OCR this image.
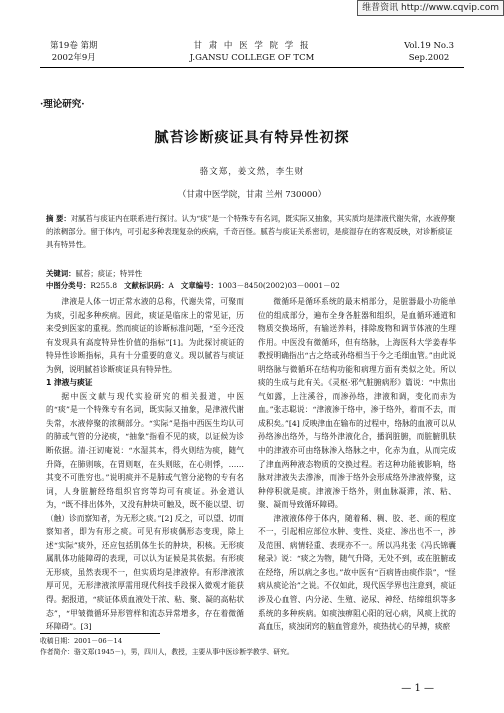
维普资讯 http://www.cqvip.com
第19卷 第期
2002年9月
甘 肃 中 医 学 院 学 报
J.GANSU COLLEGE OF TCM
Vol.19 No.3
Sep.2002
·理论研究·
腻苔诊断痰证具有特异性初探
骆文郑，姜文然，李生财
（甘肃中医学院，甘肃 兰州 730000）
摘 要：对腻苔与痰证内在联系进行探讨。认为“痰”是一个特殊专有名词，既实际又抽象，其实质均是津液代谢失常，水液停聚的浓稠部分。留于体内，可引起多种表现复杂的疾病，千奇百怪。腻苔与痰证关系密切，是痰湿存在的客观反映，对诊断痰证具有特异性。
关键词：腻苔；痰证；特异性
中图分类号：R255.8 文献标识码：A 文章编号：1003－8450(2002)03－0001－02

津液是人体一切正常水液的总称，代谢失常，可聚而为痰，引起多种疾病。因此，痰证是临床上的常见证，历来受到医家的重视。然而痰证的诊断标准问题，“至今还没有发现具有高度特异性价值的指标”[1]。为此探讨痰证的特异性诊断指标，具有十分重要的意义。现以腻苔与痰证为例，说明腻苔诊断痰证具有特异性。

1 津液与痰证

据中医文献与现代实验研究的相关报道，中医的“痰”是一个特殊专有名词，既实际又抽象，是津液代谢失常，水液停聚的浓稠部分。“实际”是指中西医生均认可的肺或气管的分泌痰，“抽象”指看不见的痰，以证候为诊断依据。清·汪讱庵说：“水湿其本，得火则结为痰，随气升降，在肺则咳，在胃则呕，在头则眩，在心则悸，……其变不可胜穷也。”说明痰并不是肺或气管分泌物的专有名词，人身脏腑经络组织官窍等均可有痰证。孙金道认为，“既不排出体外，又没有肿块可触及，既不能以望、切（触）诊而察知者，为无形之痰。”[2] 反之，可以望、切而察知者，即为有形之痰。可见有形痰偶形态变现，除上述“实际”痰外，还应包括肌体生长的肿块，积核。无形痰属肌体功能障碍的表现，可以认为证候是其依据。有形痰无形痰，虽然表现不一，但实质均是津液停。有形津液浓厚可见，无形津液浓厚需用现代科技手段探入微观才能获得。据报道，“痰证体质血液处于浓、粘、聚、凝的高粘状态”，“甲皱微循环异形管样和流态异常增多，存在着微循环障碍”。[3]

微循环是循环系统的最末梢部分，是脏器最小功能单位的组成部分，遍布全身各脏器和组织，是血循环通道和物质交换场所，有输送养料，排除废物和调节体液的生理作用。中医没有微循环，但有络脉，上海医科大学姜春华教授明确指出“古之络或孙络相当于今之毛细血管。”由此说明络脉与微循环在结构功能和病理方面有类似之处。所以痰的生成与此有关。《灵枢·邪气脏腑病形》篇说：“中焦出气如露，上注溪谷，而渗孙络，津液和调，变化而赤为血。”张志聪说：“津液渗于络中，渗于络外，着而不去，而成积矣。”[4] 反映津血在输布的过程中，络脉的血液可以从孙络渗出络外，与络外津液化合，播润脏腑，而脏腑肌肤中的津液亦可由络脉渗入络脉之中，化赤为血，从而完成了津血两种液态物质的交换过程。若这种功能被影响，络脉对津液失去滲渗，而渗于络外会形成络外津液停聚，这种停积就是痰。津液渗于络外，则血脉凝滞，浓、粘、聚、凝而导致循环障碍。

津液液体停于体内，随着稀、稠、胶、老、顽的程度不一，引起相应部位水肿、变性、炎症、渗出也不一，涉及范围、病情轻重、表现亦不一。所以冯兆张《冯氏锦囊秘录》说：“痰之为物，随气升降，无处不到，或在脏腑或在经络，所以病之多也。”故中医有“百病皆由痰作祟”，“怪病从痰论治”之说。不仅如此，现代医学界也注意到，痰证涉及心血管、内分泌、生殖、泌尿、神经、结缔组织等多系统的多种疾病。如痰浊痹阻心阳的冠心病，风痰上扰的高血压，痰浊闭窍的脑血管意外，痰热扰心的早搏，痰瘀

收稿日期：2001－06－14
作者简介：骆文郑(1945－)，男，四川人，教授，主要从事中医诊断学教学、研究。
— 1 —
